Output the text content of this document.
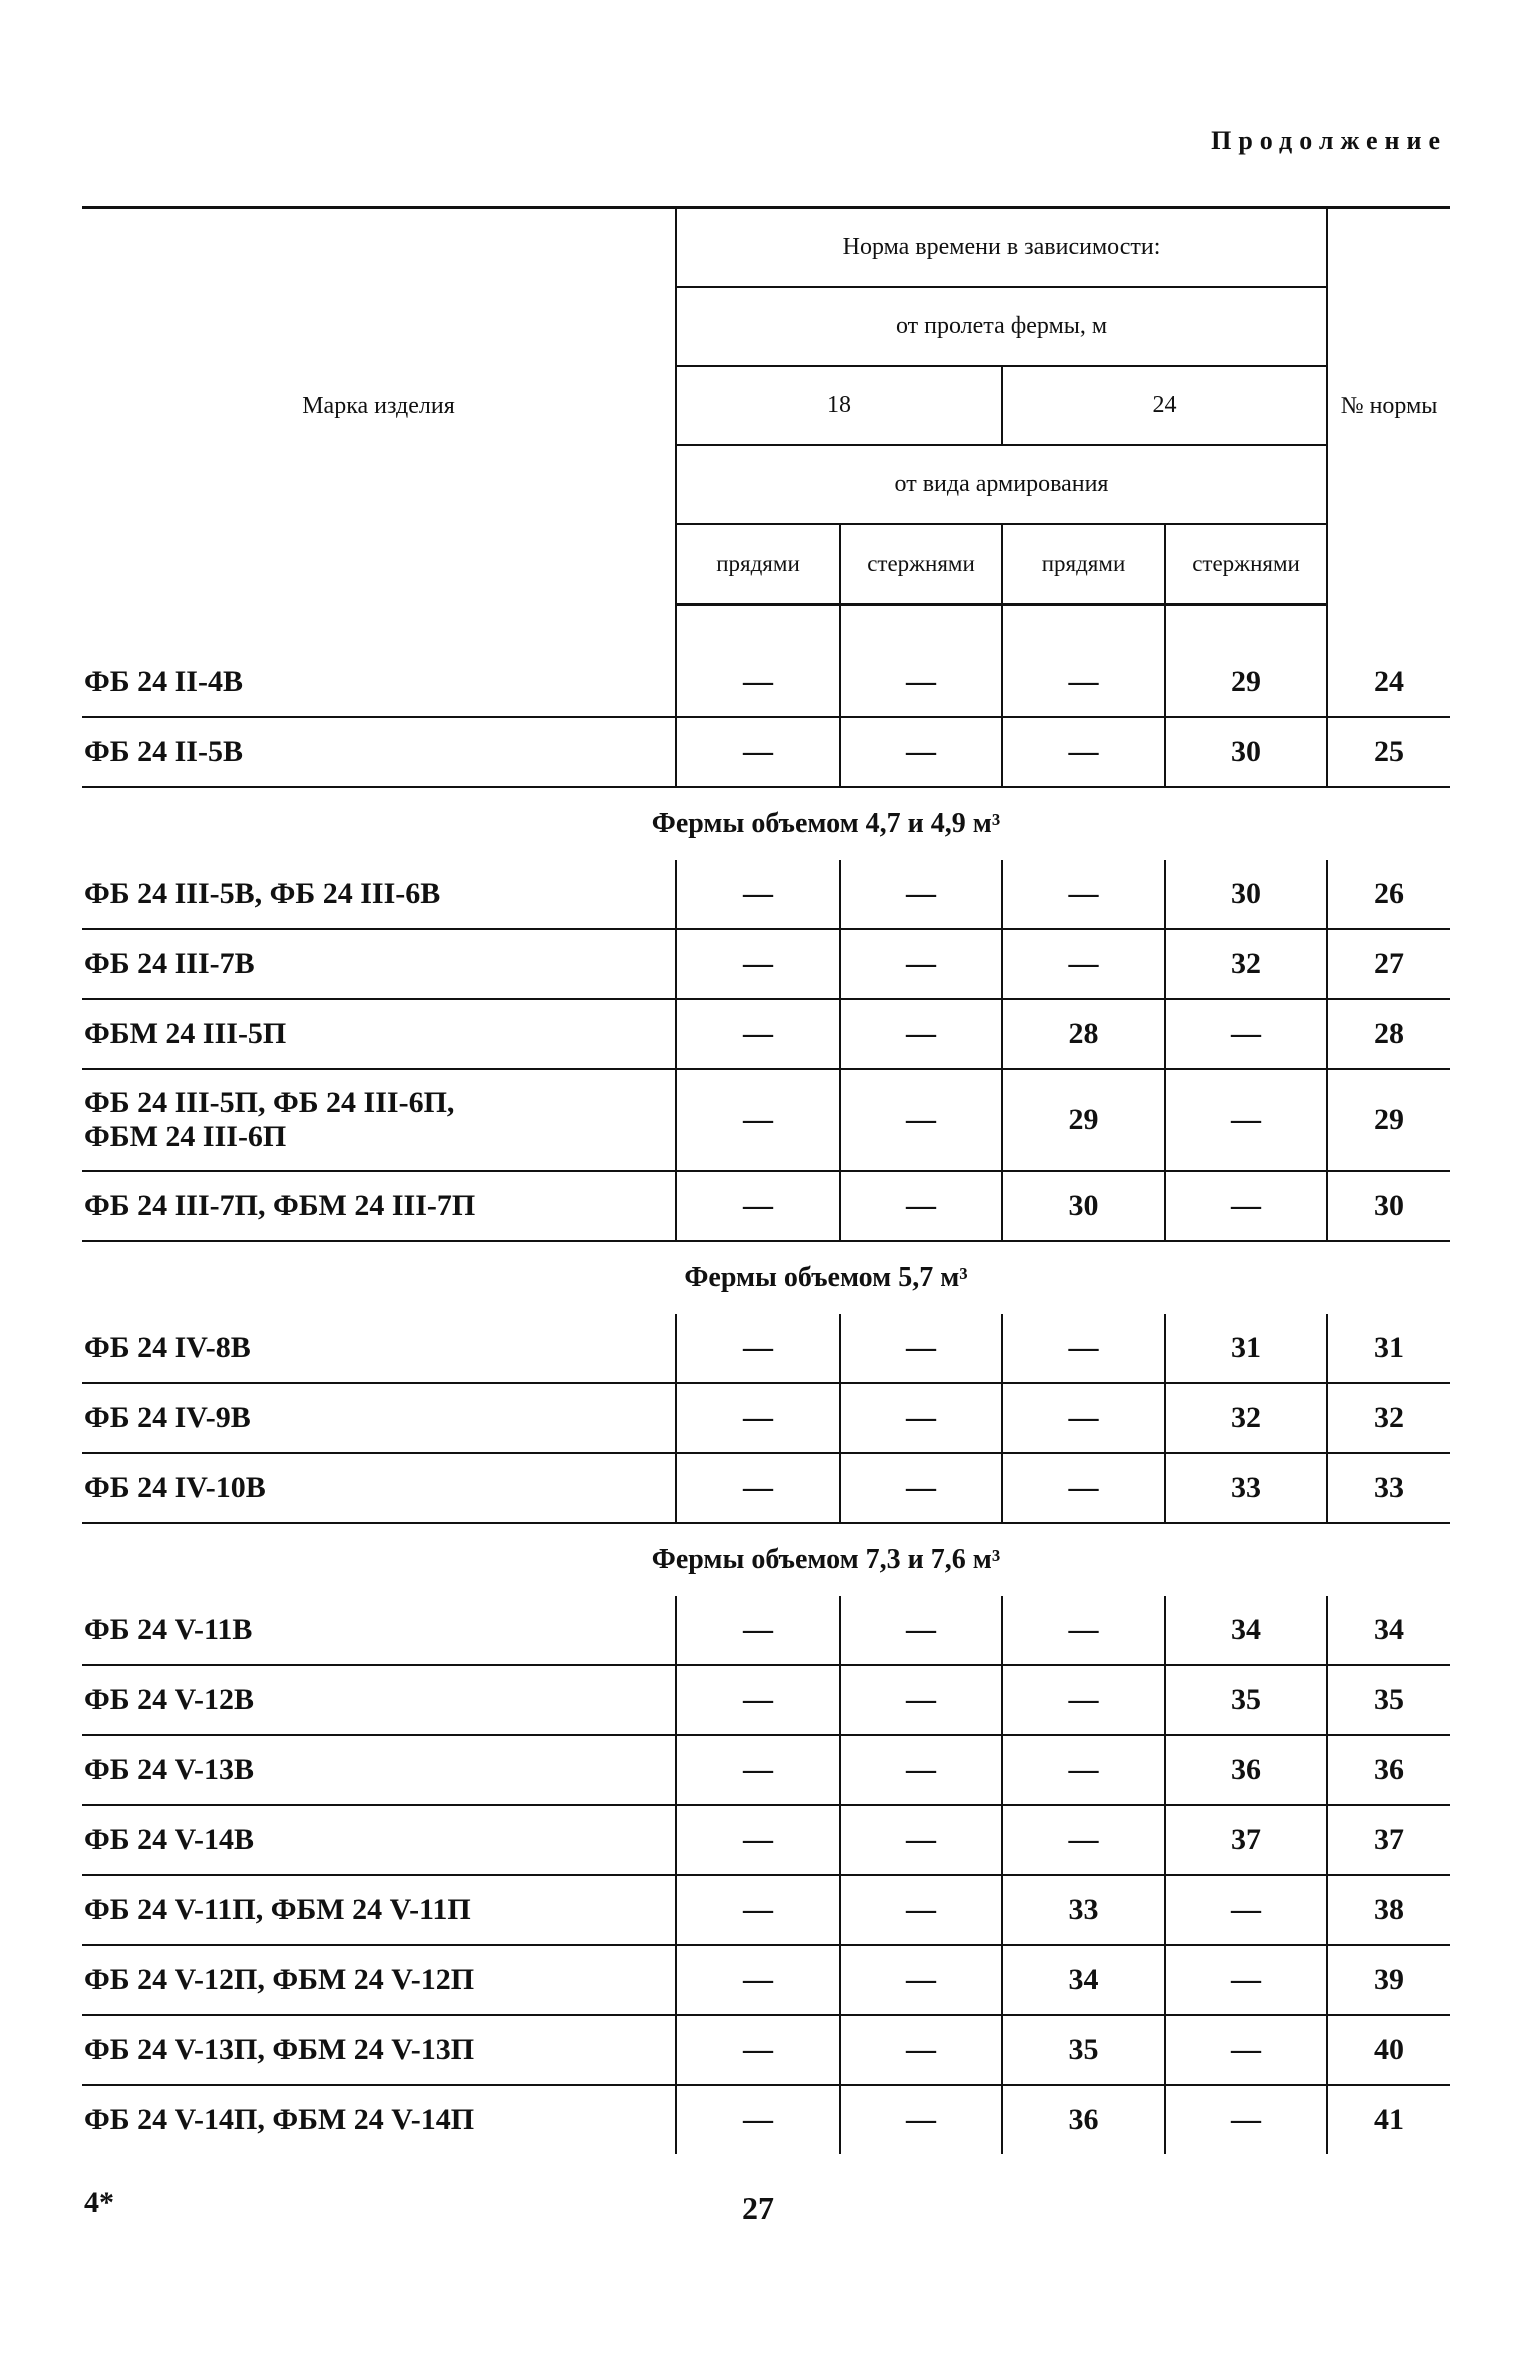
Продолжение
Марка изделия	Норма времени в зависимости:				№ нормы
	от пролета фермы, м				
	18		24		
	от вида армирования				
	прядями	стержнями	прядями	стержнями	

ФБ 24 II-4В	—	—	—	29	24
ФБ 24 II-5В	—	—	—	30	25
Фермы объемом 4,7 и 4,9 м³					
ФБ 24 III-5В, ФБ 24 III-6В	—	—	—	30	26
ФБ 24 III-7В	—	—	—	32	27
ФБМ 24 III-5П	—	—	28	—	28

ФБ 24 III-5П, ФБ 24 III-6П,
ФБМ 24 III-6П	—	—	29	—	29
ФБ 24 III-7П, ФБМ 24 III-7П	—	—	30	—	30
Фермы объемом 5,7 м³					
ФБ 24 IV-8В	—	—	—	31	31
ФБ 24 IV-9В	—	—	—	32	32
ФБ 24 IV-10В	—	—	—	33	33
Фермы объемом 7,3 и 7,6 м³					
ФБ 24 V-11В	—	—	—	34	34
ФБ 24 V-12В	—	—	—	35	35
ФБ 24 V-13В	—	—	—	36	36
ФБ 24 V-14В	—	—	—	37	37
ФБ 24 V-11П, ФБМ 24 V-11П	—	—	33	—	38
ФБ 24 V-12П, ФБМ 24 V-12П	—	—	34	—	39
ФБ 24 V-13П, ФБМ 24 V-13П	—	—	35	—	40
ФБ 24 V-14П, ФБМ 24 V-14П	—	—	36	—	41
4*	27
